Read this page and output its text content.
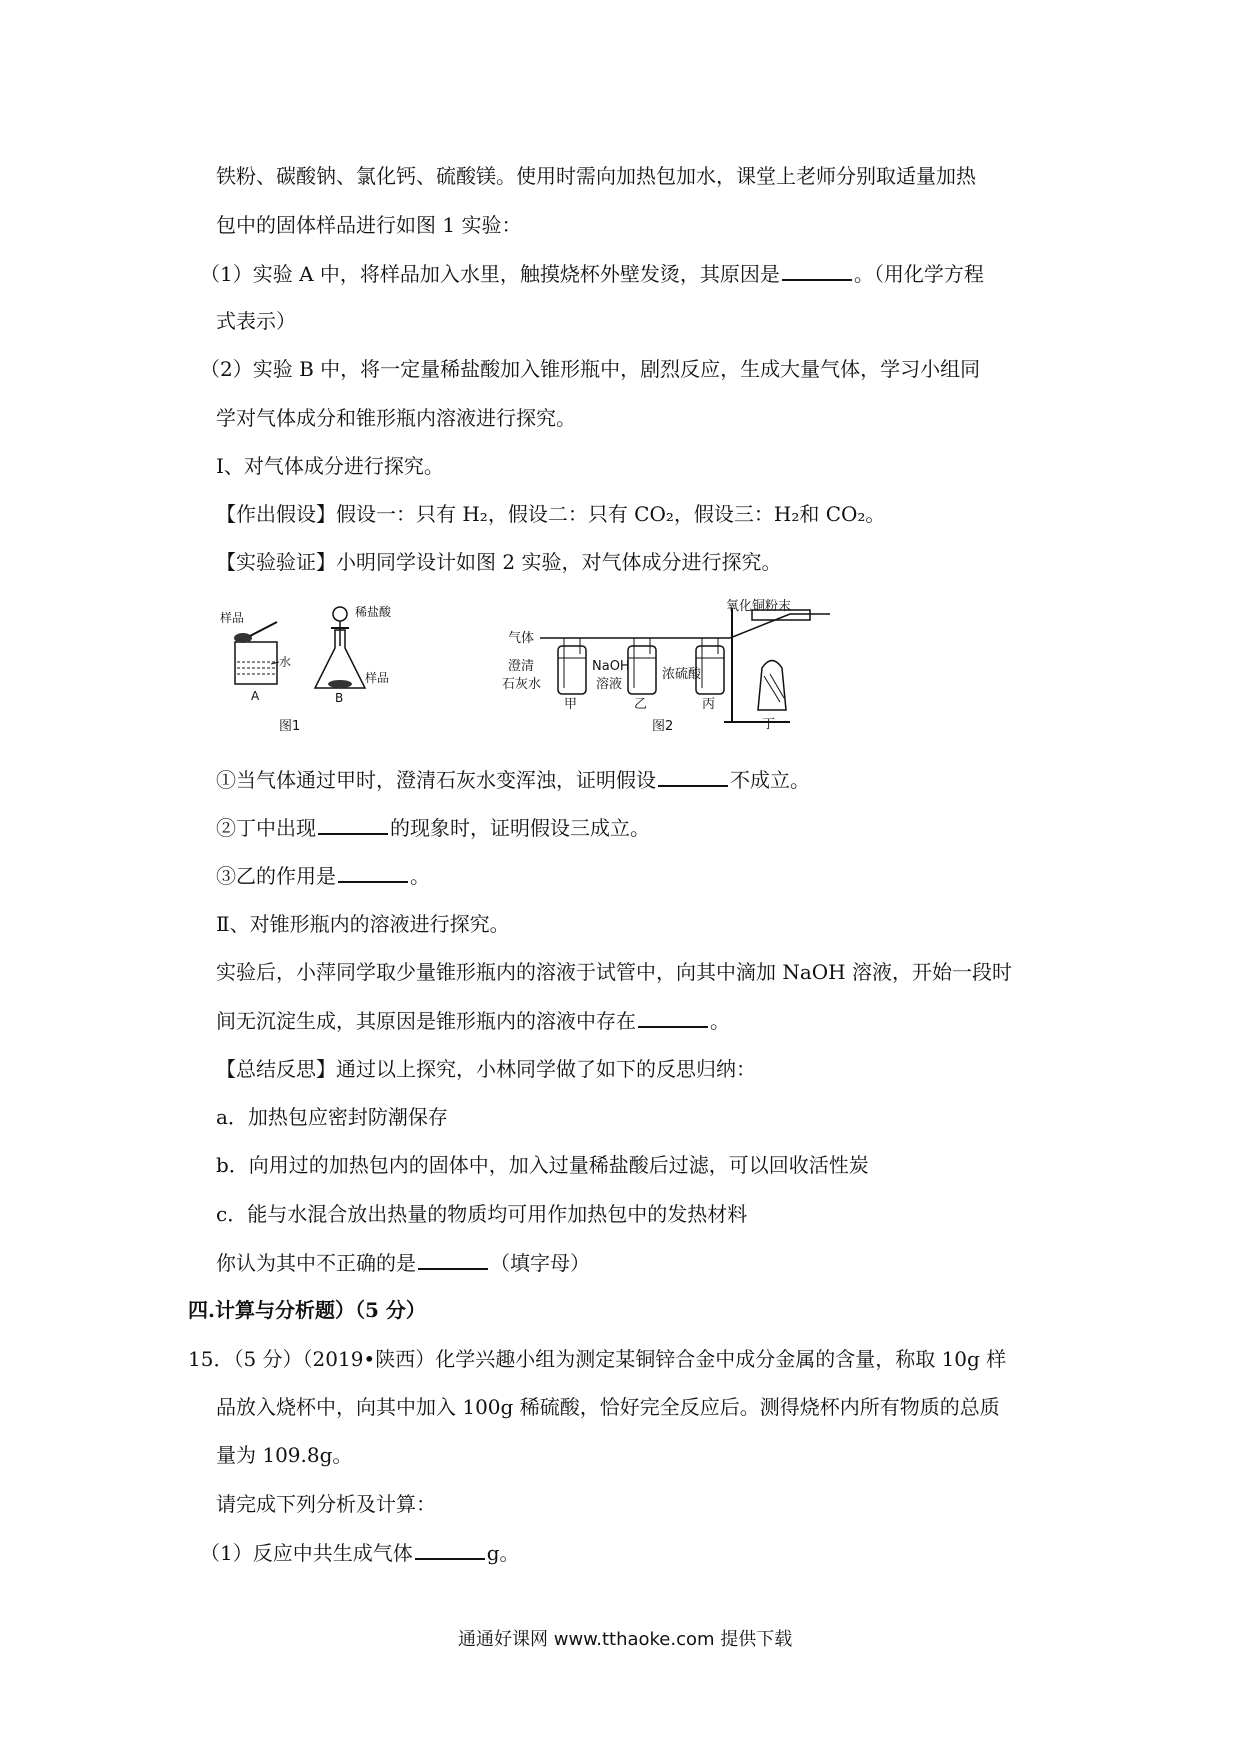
铁粉、碳酸钠、氯化钙、硫酸镁。使用时需向加热包加水，课堂上老师分别取适量加热
包中的固体样品进行如图 1 实验：
（1）实验 A 中，将样品加入水里，触摸烧杯外壁发烫，其原因是	。（用化学方程
式表示）
（2）实验 B 中，将一定量稀盐酸加入锥形瓶中，剧烈反应，生成大量气体，学习小组同
学对气体成分和锥形瓶内溶液进行探究。
Ⅰ、对气体成分进行探究。
【作出假设】假设一：只有 H₂，假设二：只有 CO₂，假设三：H₂和 CO₂。
【实验验证】小明同学设计如图 2 实验，对气体成分进行探究。
样品
水
A
稀盐酸
样品
B
图1
气体
氧化铜粉末
澄清
石灰水
NaOH
溶液
浓硫酸
甲	乙	丙
丁
图2
①当气体通过甲时，澄清石灰水变浑浊，证明假设	不成立。
②丁中出现	的现象时，证明假设三成立。
③乙的作用是	。
Ⅱ、对锥形瓶内的溶液进行探究。
实验后，小萍同学取少量锥形瓶内的溶液于试管中，向其中滴加 NaOH 溶液，开始一段时
间无沉淀生成，其原因是锥形瓶内的溶液中存在	。
【总结反思】通过以上探究，小林同学做了如下的反思归纳：
a．加热包应密封防潮保存
b．向用过的加热包内的固体中，加入过量稀盐酸后过滤，可以回收活性炭
c．能与水混合放出热量的物质均可用作加热包中的发热材料
你认为其中不正确的是	（填字母）
四.计算与分析题）（5 分）
15．（5 分）（2019•陕西）化学兴趣小组为测定某铜锌合金中成分金属的含量，称取 10g 样
品放入烧杯中，向其中加入 100g 稀硫酸，恰好完全反应后。测得烧杯内所有物质的总质
量为 109.8g。
请完成下列分析及计算：
（1）反应中共生成气体	g。
通通好课网 www.tthaoke.com 提供下载
